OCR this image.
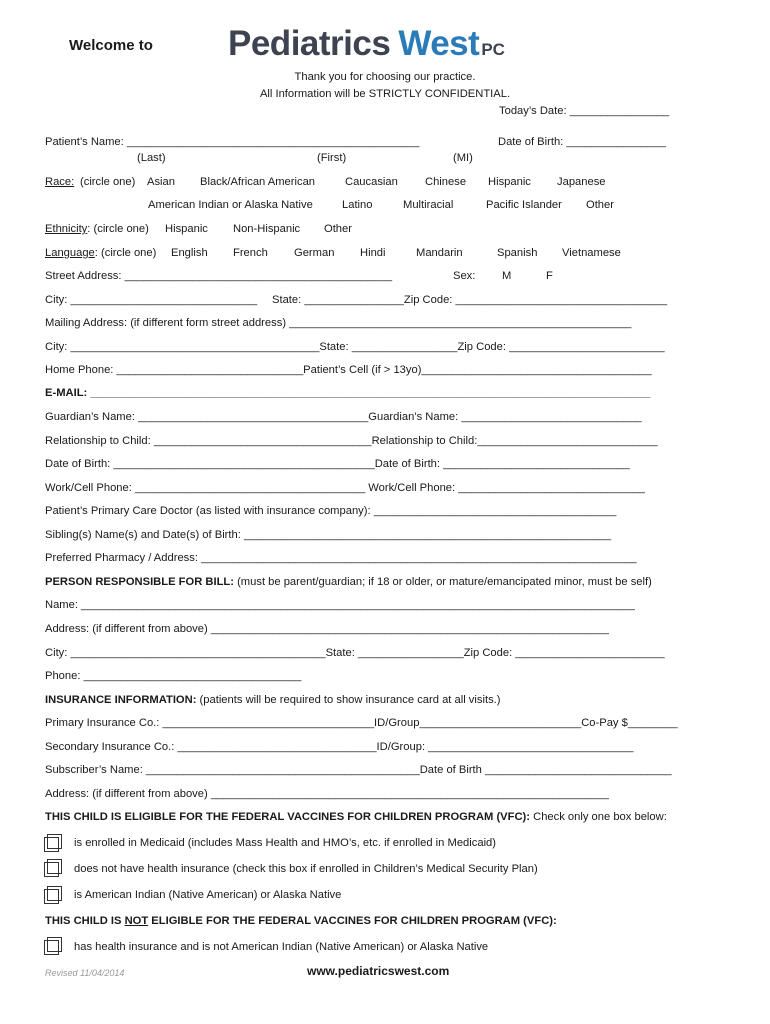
Welcome to Pediatrics West PC
Thank you for choosing our practice.
All Information will be STRICTLY CONFIDENTIAL.
Today’s Date: ________________
Patient’s Name: _______________________________________________	Date of Birth: ________________
(Last)	(First)	(MI)
Race: (circle one) Asian Black/African American	Caucasian Chinese Hispanic Japanese
American Indian or Alaska Native	Latino	Multiracial	Pacific Islander Other
Ethnicity: (circle one) Hispanic Non-Hispanic Other
Language: (circle one) English French German Hindi	Mandarin	Spanish Vietnamese
Street Address: ___________________________________________	Sex: M	F
City: ______________________________ State: ________________Zip Code: __________________________________
Mailing Address: (if different form street address) _______________________________________________________
City: ________________________________________State: _________________Zip Code: _________________________
Home Phone: ______________________________Patient’s Cell (if > 13yo)_____________________________________
E-MAIL: __________________________________________________________________________________________
Guardian’s Name: _____________________________________Guardian’s Name: _____________________________
Relationship to Child: ___________________________________Relationship to Child:_____________________________
Date of Birth: __________________________________________Date of Birth: ______________________________
Work/Cell Phone: _____________________________________ Work/Cell Phone: ______________________________
Patient’s Primary Care Doctor (as listed with insurance company): _______________________________________
Sibling(s) Name(s) and Date(s) of Birth: ___________________________________________________________
Preferred Pharmacy / Address: ______________________________________________________________________
PERSON RESPONSIBLE FOR BILL: (must be parent/guardian; if 18 or older, or mature/emancipated minor, must be self)
Name: _________________________________________________________________________________________
Address: (if different from above) ________________________________________________________________
City: _________________________________________State: _________________Zip Code: ________________________
Phone: ___________________________________
INSURANCE INFORMATION: (patients will be required to show insurance card at all visits.)
Primary Insurance Co.: __________________________________ID/Group__________________________Co-Pay $________
Secondary Insurance Co.: ________________________________ID/Group: _________________________________
Subscriber’s Name: ____________________________________________Date of Birth ______________________________
Address: (if different from above) ________________________________________________________________
THIS CHILD IS ELIGIBLE FOR THE FEDERAL VACCINES FOR CHILDREN PROGRAM (VFC): Check only one box below:
is enrolled in Medicaid (includes Mass Health and HMO’s, etc. if enrolled in Medicaid)
does not have health insurance (check this box if enrolled in Children’s Medical Security Plan)
is American Indian (Native American) or Alaska Native
THIS CHILD IS NOT ELIGIBLE FOR THE FEDERAL VACCINES FOR CHILDREN PROGRAM (VFC):
has health insurance and is not American Indian (Native American) or Alaska Native
Revised 11/04/2014	www.pediatricswest.com
